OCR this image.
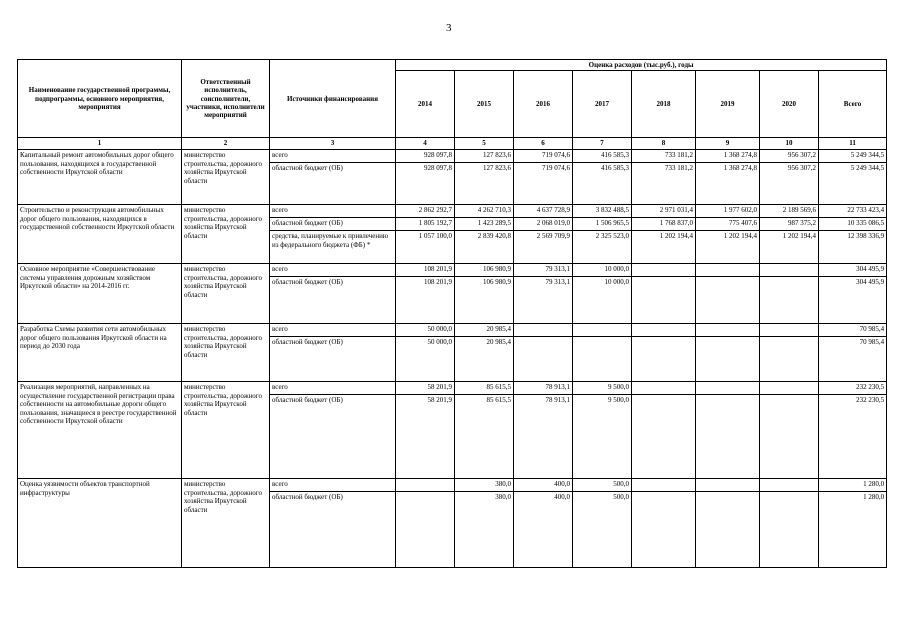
3
Наименование государственной программы, подпрограммы, основного мероприятия, мероприятия	Ответственный исполнитель, соисполнители, участники, исполнители мероприятий	Источники финансирования	Оценка расходов (тыс.руб.), годы							
			2014	2015	2016	2017	2018	2019	2020	Всего
1	2	3	4	5	6	7	8	9	10	11
Капитальный ремонт автомобильных дорог общего пользования, находящихся в государственной собственности Иркутской области	министерство строительства, дорожного хозяйства Иркутской области	всего	928 097,8	127 823,6	719 074,6	416 585,3	733 181,2	1 368 274,8	956 307,2	5 249 344,5
		областной бюджет (ОБ)	928 097,8	127 823,6	719 074,6	416 585,3	733 181,2	1 368 274,8	956 307,2	5 249 344,5
Строительство и реконструкция автомобильных дорог общего пользования, находящихся в государственной собственности Иркутской области	министерство строительства, дорожного хозяйства Иркутской области	всего	2 862 292,7	4 262 710,3	4 637 728,9	3 832 488,5	2 971 031,4	1 977 602,0	2 189 569,6	22 733 423,4
		областной бюджет (ОБ)	1 805 192,7	1 423 289,5	2 068 019,0	1 506 965,5	1 768 837,0	775 407,6	987 375,2	10 335 086,5
		средства, планируемые к привлечению из федерального бюджета (ФБ) *	1 057 100,0	2 839 420,8	2 569 709,9	2 325 523,0	1 202 194,4	1 202 194,4	1 202 194,4	12 398 336,9
Основное мероприятие «Совершенствование системы управления дорожным хозяйством Иркутской области» на 2014-2016 гг.	министерство строительства, дорожного хозяйства Иркутской области	всего	108 201,9	106 980,9	79 313,1	10 000,0				304 495,9
		областной бюджет (ОБ)	108 201,9	106 980,9	79 313,1	10 000,0				304 495,9
Разработка Схемы развития сети автомобильных дорог общего пользования Иркутской области на период до 2030 года	министерство строительства, дорожного хозяйства Иркутской области	всего	50 000,0	20 985,4						70 985,4
		областной бюджет (ОБ)	50 000,0	20 985,4						70 985,4
Реализация мероприятий, направленных на осуществление государственной регистрации права собственности на автомобильные дороги общего пользования, значащиеся в реестре государственной собственности Иркутской области	министерство строительства, дорожного хозяйства Иркутской области	всего	58 201,9	85 615,5	78 913,1	9 500,0				232 230,5
		областной бюджет (ОБ)	58 201,9	85 615,5	78 913,1	9 500,0				232 230,5
Оценка уязвимости объектов транспортной инфраструктуры	министерство строительства, дорожного хозяйства Иркутской области	всего		380,0	400,0	500,0				1 280,0
		областной бюджет (ОБ)		380,0	400,0	500,0				1 280,0
